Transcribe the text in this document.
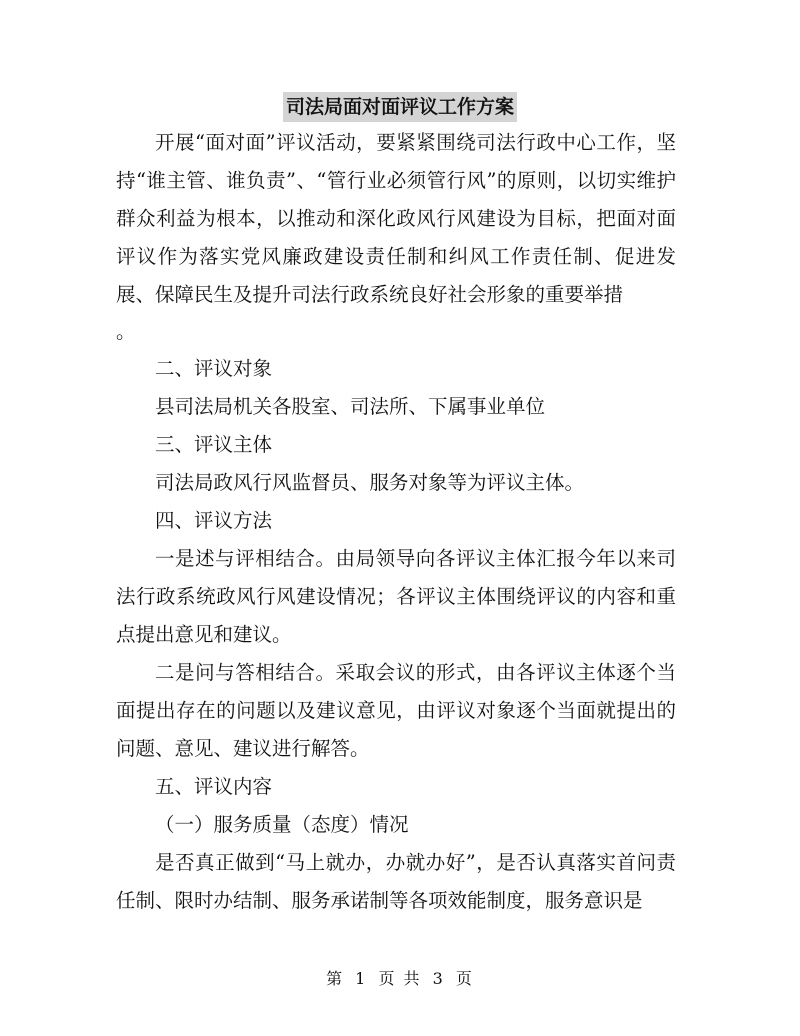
司法局面对面评议工作方案

开展“面对面”评议活动，要紧紧围绕司法行政中心工作，坚持“谁主管、谁负责”、“管行业必须管行风”的原则，以切实维护群众利益为根本，以推动和深化政风行风建设为目标，把面对面评议作为落实党风廉政建设责任制和纠风工作责任制、促进发展、保障民生及提升司法行政系统良好社会形象的重要举措

。

二、评议对象

县司法局机关各股室、司法所、下属事业单位

三、评议主体

司法局政风行风监督员、服务对象等为评议主体。

四、评议方法

一是述与评相结合。由局领导向各评议主体汇报今年以来司法行政系统政风行风建设情况；各评议主体围绕评议的内容和重点提出意见和建议。

二是问与答相结合。采取会议的形式，由各评议主体逐个当面提出存在的问题以及建议意见，由评议对象逐个当面就提出的问题、意见、建议进行解答。

五、评议内容

（一）服务质量（态度）情况

是否真正做到“马上就办，办就办好”，是否认真落实首问责任制、限时办结制、服务承诺制等各项效能制度，服务意识是

第 1 页 共 3 页
